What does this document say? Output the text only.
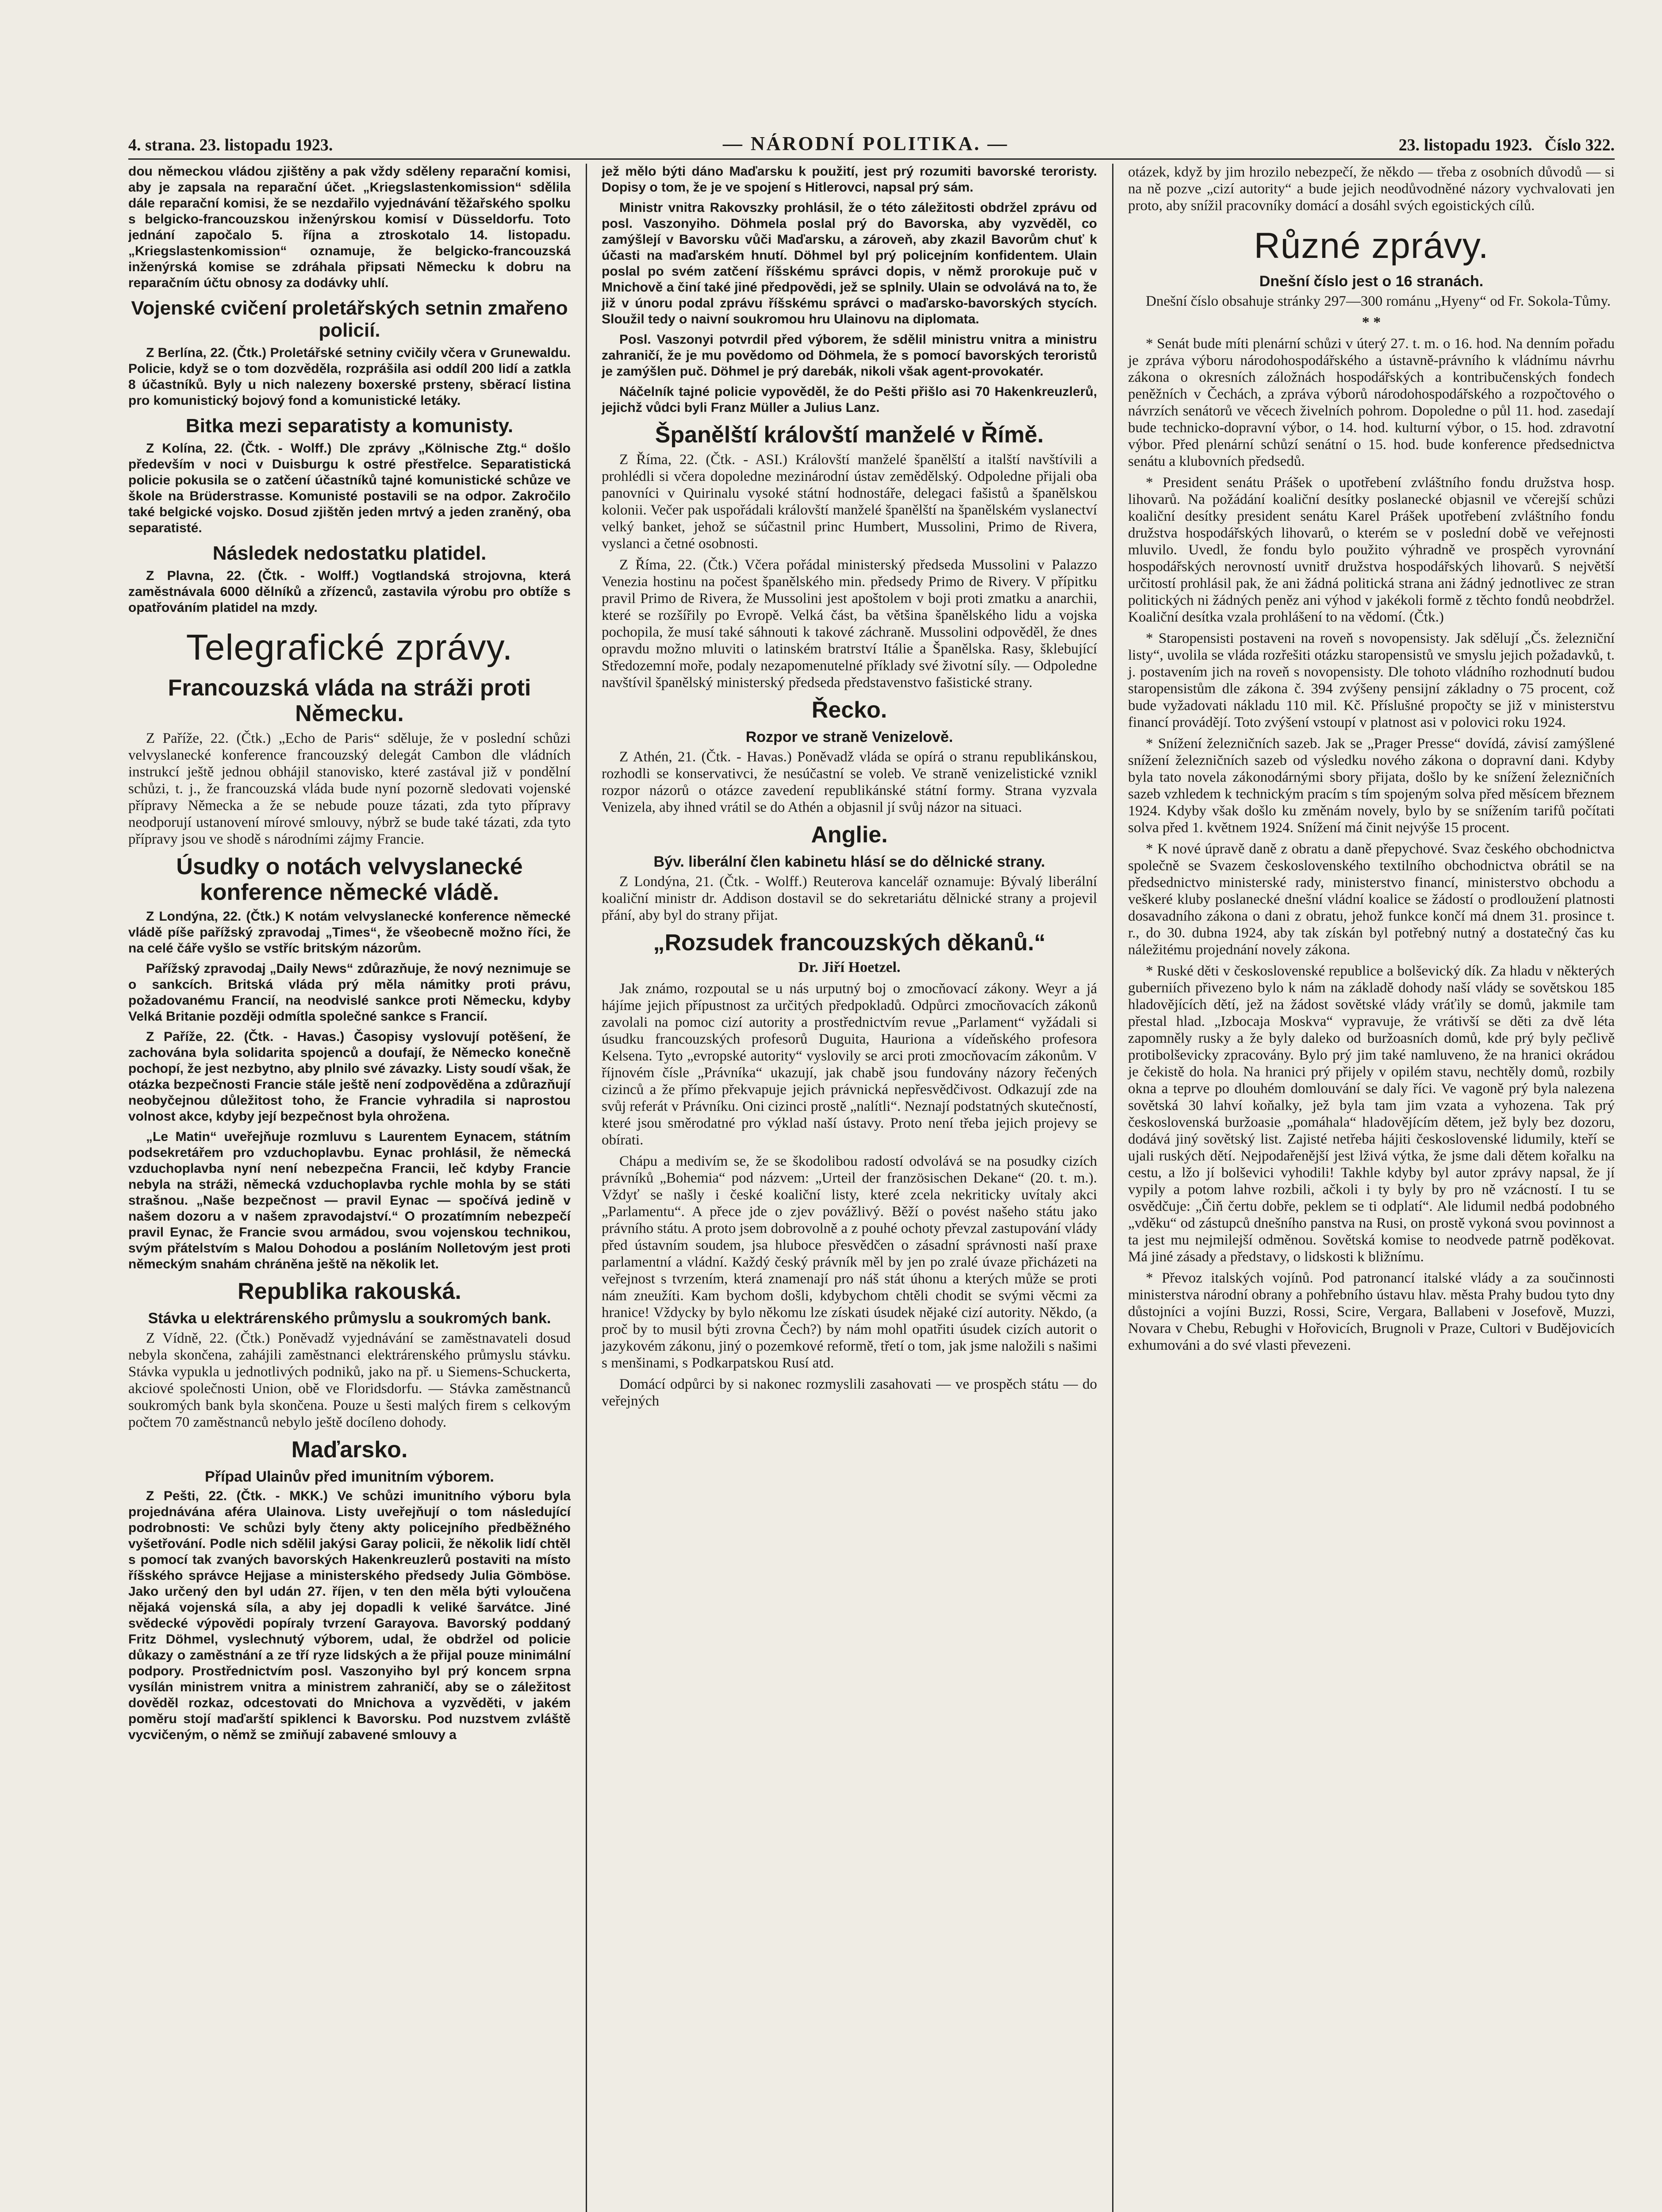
4. strana. 23. listopadu 1923.	— NÁRODNÍ POLITIKA. —	23. listopadu 1923. Číslo 322.

dou německou vládou zjištěny a pak vždy sděleny reparační komisi, aby je zapsala na reparační účet. „Kriegslastenkomission“ sdělila dále reparační komisi, že se nezdařilo vyjednávání těžařského spolku s belgicko-francouzskou inženýrskou komisí v Düsseldorfu. Toto jednání započalo 5. října a ztroskotalo 14. listopadu. „Kriegslastenkomission“ oznamuje, že belgicko-francouzská inženýrská komise se zdráhala připsati Německu k dobru na reparačním účtu obnosy za dodávky uhlí.

Vojenské cvičení proletářských setnin zmařeno policií.

Z Berlína, 22. (Čtk.) Proletářské setniny cvičily včera v Grunewaldu. Policie, když se o tom dozvěděla, rozprášila asi oddíl 200 lidí a zatkla 8 účastníků. Byly u nich nalezeny boxerské prsteny, sběrací listina pro komunistický bojový fond a komunistické letáky.

Bitka mezi separatisty a komunisty.

Z Kolína, 22. (Čtk. - Wolff.) Dle zprávy „Kölnische Ztg.“ došlo především v noci v Duisburgu k ostré přestřelce. Separatistická policie pokusila se o zatčení účastníků tajné komunistické schůze ve škole na Brüderstrasse. Komunisté postavili se na odpor. Zakročilo také belgické vojsko. Dosud zjištěn jeden mrtvý a jeden zraněný, oba separatisté.

Následek nedostatku platidel.

Z Plavna, 22. (Čtk. - Wolff.) Vogtlandská strojovna, která zaměstnávala 6000 dělníků a zřízenců, zastavila výrobu pro obtíže s opatřováním platidel na mzdy.

Telegrafické zprávy.
Francouzská vláda na stráži proti Německu.

Z Paříže, 22. (Čtk.) „Echo de Paris“ sděluje, že v poslední schůzi velvyslanecké konference francouzský delegát Cambon dle vládních instrukcí ještě jednou obhájil stanovisko, které zastával již v pondělní schůzi, t. j., že francouzská vláda bude nyní pozorně sledovati vojenské přípravy Německa a že se nebude pouze tázati, zda tyto přípravy neodporují ustanovení mírové smlouvy, nýbrž se bude také tázati, zda tyto přípravy jsou ve shodě s národními zájmy Francie.

Úsudky o notách velvyslanecké konference německé vládě.

Z Londýna, 22. (Čtk.) K notám velvyslanecké konference německé vládě píše pařížský zpravodaj „Times“, že všeobecně možno říci, že na celé čáře vyšlo se vstříc britským názorům.

Pařížský zpravodaj „Daily News“ zdůrazňuje, že nový neznimuje se o sankcích. Britská vláda prý měla námitky proti právu, požadovanému Francií, na neodvislé sankce proti Německu, kdyby Velká Britanie později odmítla společné sankce s Francií.

Z Paříže, 22. (Čtk. - Havas.) Časopisy vyslovují potěšení, že zachována byla solidarita spojenců a doufají, že Německo konečně pochopí, že jest nezbytno, aby plnilo své závazky. Listy soudí však, že otázka bezpečnosti Francie stále ještě není zodpověděna a zdůrazňují neobyčejnou důležitost toho, že Francie vyhradila si naprostou volnost akce, kdyby její bezpečnost byla ohrožena.

„Le Matin“ uveřejňuje rozmluvu s Laurentem Eynacem, státním podsekretářem pro vzduchoplavbu. Eynac prohlásil, že německá vzduchoplavba nyní není nebezpečna Francii, leč kdyby Francie nebyla na stráži, německá vzduchoplavba rychle mohla by se státi strašnou. „Naše bezpečnost — pravil Eynac — spočívá jedině v našem dozoru a v našem zpravodajství.“ O prozatímním nebezpečí pravil Eynac, že Francie svou armádou, svou vojenskou technikou, svým přátelstvím s Malou Dohodou a posláním Nolletovým jest proti německým snahám chráněna ještě na několik let.

Republika rakouská.
Stávka u elektrárenského průmyslu a soukromých bank.

Z Vídně, 22. (Čtk.) Poněvadž vyjednávání se zaměstnavateli dosud nebyla skončena, zahájili zaměstnanci elektrárenského průmyslu stávku. Stávka vypukla u jednotlivých podniků, jako na př. u Siemens-Schuckerta, akciové společnosti Union, obě ve Floridsdorfu. — Stávka zaměstnanců soukromých bank byla skončena. Pouze u šesti malých firem s celkovým počtem 70 zaměstnanců nebylo ještě docíleno dohody.

Maďarsko.
Případ Ulainův před imunitním výborem.

Z Pešti, 22. (Čtk. - MKK.) Ve schůzi imunitního výboru byla projednávána aféra Ulainova. Listy uveřejňují o tom následující podrobnosti: Ve schůzi byly čteny akty policejního předběžného vyšetřování. Podle nich sdělil jakýsi Garay policii, že několik lidí chtěl s pomocí tak zvaných bavorských Hakenkreuzlerů postaviti na místo říšského správce Hejjase a ministerského předsedy Julia Gömböse. Jako určený den byl udán 27. říjen, v ten den měla býti vyloučena nějaká vojenská síla, a aby jej dopadli k veliké šarvátce. Jiné svědecké výpovědi popíraly tvrzení Garayova. Bavorský poddaný Fritz Döhmel, vyslechnutý výborem, udal, že obdržel od policie důkazy o zaměstnání a ze tří ryze lidských a že přijal pouze minimální podpory. Prostřednictvím posl. Vaszonyiho byl prý koncem srpna vysílán ministrem vnitra a ministrem zahraničí, aby se o záležitost dověděl rozkaz, odcestovati do Mnichova a vyzvěděti, v jakém poměru stojí maďarští spiklenci k Bavorsku. Pod nuzstvem zvláště vycvičeným, o němž se zmiňují zabavené smlouvy a

jež mělo býti dáno Maďarsku k použití, jest prý rozumiti bavorské teroristy. Dopisy o tom, že je ve spojení s Hitlerovci, napsal prý sám.

Ministr vnitra Rakovszky prohlásil, že o této záležitosti obdržel zprávu od posl. Vaszonyiho. Döhmela poslal prý do Bavorska, aby vyzvěděl, co zamýšlejí v Bavorsku vůči Maďarsku, a zároveň, aby zkazil Bavorům chuť k účasti na maďarském hnutí. Döhmel byl prý policejním konfidentem. Ulain poslal po svém zatčení říšskému správci dopis, v němž prorokuje puč v Mnichově a činí také jiné předpovědi, jež se splnily. Ulain se odvolává na to, že již v únoru podal zprávu říšskému správci o maďarsko-bavorských stycích. Sloužil tedy o naivní soukromou hru Ulainovu na diplomata.

Posl. Vaszonyi potvrdil před výborem, že sdělil ministru vnitra a ministru zahraničí, že je mu povědomo od Döhmela, že s pomocí bavorských teroristů je zamýšlen puč. Döhmel je prý darebák, nikoli však agent-provokatér.

Náčelník tajné policie vypověděl, že do Pešti přišlo asi 70 Hakenkreuzlerů, jejichž vůdci byli Franz Müller a Julius Lanz.

Španělští královští manželé v Římě.

Z Říma, 22. (Čtk. - ASI.) Královští manželé španělští a italští navštívili a prohlédli si včera dopoledne mezinárodní ústav zemědělský. Odpoledne přijali oba panovníci v Quirinalu vysoké státní hodnostáře, delegaci fašistů a španělskou kolonii. Večer pak uspořádali královští manželé španělští na španělském vyslanectví velký banket, jehož se súčastnil princ Humbert, Mussolini, Primo de Rivera, vyslanci a četné osobnosti.

Z Říma, 22. (Čtk.) Včera pořádal ministerský předseda Mussolini v Palazzo Venezia hostinu na počest španělského min. předsedy Primo de Rivery. V přípitku pravil Primo de Rivera, že Mussolini jest apoštolem v boji proti zmatku a anarchii, které se rozšířily po Evropě. Velká část, ba většina španělského lidu a vojska pochopila, že musí také sáhnouti k takové záchraně. Mussolini odpověděl, že dnes opravdu možno mluviti o latinském bratrství Itálie a Španělska. Rasy, šklebující Středozemní moře, podaly nezapomenutelné příklady své životní síly. — Odpoledne navštívil španělský ministerský předseda představenstvo fašistické strany.

Řecko.
Rozpor ve straně Venizelově.

Z Athén, 21. (Čtk. - Havas.) Poněvadž vláda se opírá o stranu republikánskou, rozhodli se konservativci, že nesúčastní se voleb. Ve straně venizelistické vznikl rozpor názorů o otázce zavedení republikánské státní formy. Strana vyzvala Venizela, aby ihned vrátil se do Athén a objasnil jí svůj názor na situaci.

Anglie.
Býv. liberální člen kabinetu hlásí se do dělnické strany.

Z Londýna, 21. (Čtk. - Wolff.) Reuterova kancelář oznamuje: Bývalý liberální koaliční ministr dr. Addison dostavil se do sekretariátu dělnické strany a projevil přání, aby byl do strany přijat.

„Rozsudek francouzských děkanů.“
Dr. Jiří Hoetzel.

Jak známo, rozpoutal se u nás urputný boj o zmocňovací zákony. Weyr a já hájíme jejich přípustnost za určitých předpokladů. Odpůrci zmocňovacích zákonů zavolali na pomoc cizí autority a prostřednictvím revue „Parlament“ vyžádali si úsudku francouzských profesorů Duguita, Hauriona a vídeňského profesora Kelsena. Tyto „evropské autority“ vyslovily se arci proti zmocňovacím zákonům. V říjnovém čísle „Právníka“ ukazují, jak chabě jsou fundovány názory řečených cizinců a že přímo překvapuje jejich právnická nepřesvědčivost. Odkazují zde na svůj referát v Právníku. Oni cizinci prostě „nalítli“. Neznají podstatných skutečností, které jsou směrodatné pro výklad naší ústavy. Proto není třeba jejich projevy se obírati.

Chápu a medivím se, že se škodolibou radostí odvolává se na posudky cizích právníků „Bohemia“ pod názvem: „Urteil der französischen Dekane“ (20. t. m.). Vždyť se našly i české koaliční listy, které zcela nekriticky uvítaly akci „Parlamentu“. A přece jde o zjev povážlivý. Běží o povést našeho státu jako právního státu. A proto jsem dobrovolně a z pouhé ochoty převzal zastupování vlády před ústavním soudem, jsa hluboce přesvědčen o zásadní správnosti naší praxe parlamentní a vládní. Každý český právník měl by jen po zralé úvaze přicházeti na veřejnost s tvrzením, která znamenají pro náš stát úhonu a kterých může se proti nám zneužíti. Kam bychom došli, kdybychom chtěli chodit se svými věcmi za hranice! Vždycky by bylo někomu lze získati úsudek nějaké cizí autority. Někdo, (a proč by to musil býti zrovna Čech?) by nám mohl opatřiti úsudek cizích autorit o jazykovém zákonu, jiný o pozemkové reformě, třetí o tom, jak jsme naložili s našimi s menšinami, s Podkarpatskou Rusí atd.

Domácí odpůrci by si nakonec rozmyslili zasahovati — ve prospěch státu — do veřejných

otázek, když by jim hrozilo nebezpečí, že někdo — třeba z osobních důvodů — si na ně pozve „cizí autority“ a bude jejich neodůvodněné názory vychvalovati jen proto, aby snížil pracovníky domácí a dosáhl svých egoistických cílů.

Různé zprávy.
Dnešní číslo jest o 16 stranách.

Dnešní číslo obsahuje stránky 297—300 románu „Hyeny“ od Fr. Sokola-Tůmy.

* *

* Senát bude míti plenární schůzi v úterý 27. t. m. o 16. hod. Na denním pořadu je zpráva výboru národohospodářského a ústavně-právního k vládnímu návrhu zákona o okresních záložnách hospodářských a kontribučenských fondech peněžních v Čechách, a zpráva výborů národohospodářského a rozpočtového o návrzích senátorů ve věcech živelních pohrom. Dopoledne o půl 11. hod. zasedají bude technicko-dopravní výbor, o 14. hod. kulturní výbor, o 15. hod. zdravotní výbor. Před plenární schůzí senátní o 15. hod. bude konference předsednictva senátu a klubovních předsedů.

* President senátu Prášek o upotřebení zvláštního fondu družstva hosp. lihovarů. Na požádání koaliční desítky poslanecké objasnil ve včerejší schůzi koaliční desítky president senátu Karel Prášek upotřebení zvláštního fondu družstva hospodářských lihovarů, o kterém se v poslední době ve veřejnosti mluvilo. Uvedl, že fondu bylo použito výhradně ve prospěch vyrovnání hospodářských nerovností uvnitř družstva hospodářských lihovarů. S největší určitostí prohlásil pak, že ani žádná politická strana ani žádný jednotlivec ze stran politických ni žádných peněz ani výhod v jakékoli formě z těchto fondů neobdržel. Koaliční desítka vzala prohlášení to na vědomí. (Čtk.)

* Staropensisti postaveni na roveň s novopensisty. Jak sdělují „Čs. železniční listy“, uvolila se vláda rozřešiti otázku staropensistů ve smyslu jejich požadavků, t. j. postavením jich na roveň s novopensisty. Dle tohoto vládního rozhodnutí budou staropensistům dle zákona č. 394 zvýšeny pensijní základny o 75 procent, což bude vyžadovati nákladu 110 mil. Kč. Příslušné propočty se již v ministerstvu financí provádějí. Toto zvýšení vstoupí v platnost asi v polovici roku 1924.

* Snížení železničních sazeb. Jak se „Prager Presse“ dovídá, závisí zamýšlené snížení železničních sazeb od výsledku nového zákona o dopravní dani. Kdyby byla tato novela zákonodárnými sbory přijata, došlo by ke snížení železničních sazeb vzhledem k technickým pracím s tím spojeným solva před měsícem březnem 1924. Kdyby však došlo ku změnám novely, bylo by se snížením tarifů počítati solva před 1. květnem 1924. Snížení má činit nejvýše 15 procent.

* K nové úpravě daně z obratu a daně přepychové. Svaz českého obchodnictva společně se Svazem československého textilního obchodnictva obrátil se na předsednictvo ministerské rady, ministerstvo financí, ministerstvo obchodu a veškeré kluby poslanecké dnešní vládní koalice se žádostí o prodloužení platnosti dosavadního zákona o dani z obratu, jehož funkce končí má dnem 31. prosince t. r., do 30. dubna 1924, aby tak získán byl potřebný nutný a dostatečný čas ku náležitému projednání novely zákona.

* Ruské děti v československé republice a bolševický dík. Za hladu v některých guberniích přivezeno bylo k nám na základě dohody naší vlády se sovětskou 185 hladovějících dětí, jež na žádost sovětské vlády vráťily se domů, jakmile tam přestal hlad. „Izbocaja Moskva“ vypravuje, že vrátivší se děti za dvě léta zapomněly rusky a že byly daleko od buržoasních domů, kde prý byly pečlivě protibolševicky zpracovány. Bylo prý jim také namluveno, že na hranici okrádou je čekistě do hola. Na hranici prý přijely v opilém stavu, nechtěly domů, rozbily okna a teprve po dlouhém domlouvání se daly říci. Ve vagoně prý byla nalezena sovětská 30 lahví koňalky, jež byla tam jim vzata a vyhozena. Tak prý československá buržoasie „pomáhala“ hladovějícím dětem, jež byly bez dozoru, dodává jiný sovětský list. Zajisté netřeba hájiti československé lidumily, kteří se ujali ruských dětí. Nejpodařenější jest lživá výtka, že jsme dali dětem kořalku na cestu, a lžo jí bolševici vyhodili! Takhle kdyby byl autor zprávy napsal, že jí vypily a potom lahve rozbili, ačkoli i ty byly by pro ně vzácností. I tu se osvědčuje: „Čiň čertu dobře, peklem se ti odplatí“. Ale lidumil nedbá podobného „vděku“ od zástupců dnešního panstva na Rusi, on prostě vykoná svou povinnost a ta jest mu nejmilejší odměnou. Sovětská komise to neodvede patrně poděkovat. Má jiné zásady a představy, o lidskosti k bližnímu.

* Převoz italských vojínů. Pod patronancí italské vlády a za součinnosti ministerstva národní obrany a pohřebního ústavu hlav. města Prahy budou tyto dny důstojníci a vojíni Buzzi, Rossi, Scire, Vergara, Ballabeni v Josefově, Muzzi, Novara v Chebu, Rebughi v Hořovicích, Brugnoli v Praze, Cultori v Budějovicích exhumováni a do své vlasti převezeni.
